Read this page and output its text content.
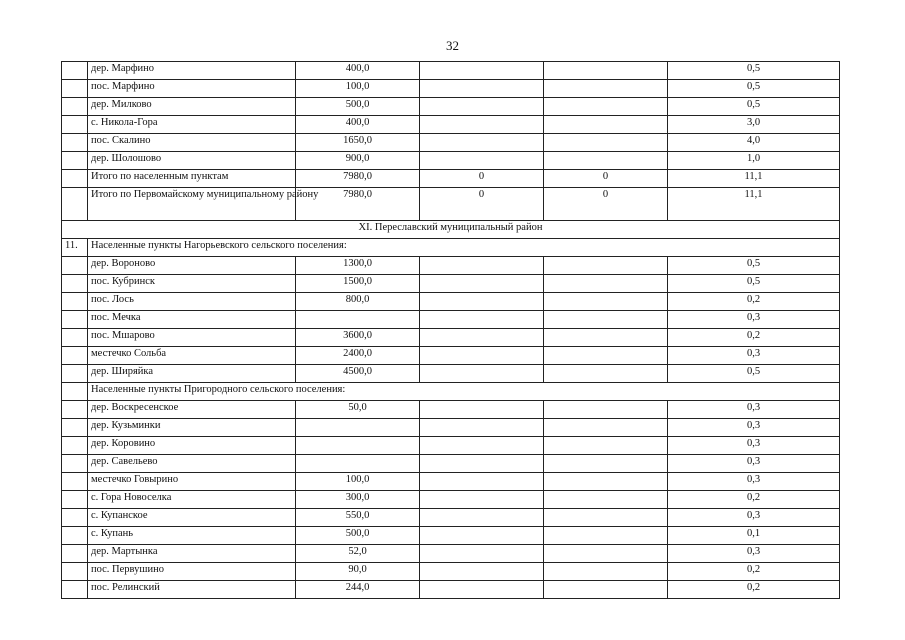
32
	дер. Марфино	400,0			0,5
	пос. Марфино	100,0			0,5
	дер. Милково	500,0			0,5
	с. Никола-Гора	400,0			3,0
	пос. Скалино	1650,0			4,0
	дер. Шолошово	900,0			1,0
	Итого по населенным пунктам	7980,0	0	0	11,1
	Итого по Первомайскому муниципальному району	7980,0	0	0	11,1
XI. Переславский муниципальный район					
11.	Населенные пункты Нагорьевского сельского поселения:				
	дер. Вороново	1300,0			0,5
	пос. Кубринск	1500,0			0,5
	пос. Лось	800,0			0,2
	пос. Мечка				0,3
	пос. Мшарово	3600,0			0,2
	местечко Сольба	2400,0			0,3
	дер. Ширяйка	4500,0			0,5
	Населенные пункты Пригородного сельского поселения:				
	дер. Воскресенское	50,0			0,3
	дер. Кузьминки				0,3
	дер. Коровино				0,3
	дер. Савельево				0,3
	местечко Говырино	100,0			0,3
	с. Гора Новоселка	300,0			0,2
	с. Купанское	550,0			0,3
	с. Купань	500,0			0,1
	дер. Мартынка	52,0			0,3
	пос. Первушино	90,0			0,2
	пос. Релинский	244,0			0,2
